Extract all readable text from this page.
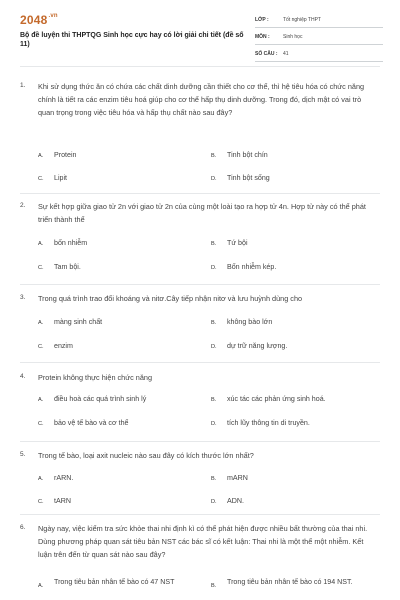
$2048^{.vn}$
Bộ đề luyện thi THPTQG Sinh học cực hay có lời giải chi tiết (đề số 11)
LỚP :	Tốt nghiệp THPT
MÔN :	Sinh học
SỐ CÂU : 41
1. Khi sử dụng thức ăn có chứa các chất dinh dưỡng cần thiết cho cơ thể, thì hệ tiêu hóa có chức năng chính là tiết ra các enzim tiêu hoá giúp cho cơ thể hấp thụ dinh dưỡng. Trong đó, dịch mật có vai trò quan trọng trong việc tiêu hóa và hấp thụ chất nào sau đây?
A. Protein	B. Tinh bột chín
C. Lipit	D. Tinh bột sống
2. Sự kết hợp giữa giao tử 2n với giao tử 2n của cùng một loài tạo ra hợp tử 4n. Hợp tử này có thể phát triển thành thể
A. bốn nhiễm	B. Tứ bội
C. Tam bội.	D. Bốn nhiễm kép.
3. Trong quá trình trao đổi khoáng và nitơ.Cây tiếp nhận nitơ và lưu huỳnh dùng cho
A. màng sinh chất	B. không bào lớn
C. enzim	D. dự trữ năng lượng.
4. Protein không thực hiện chức năng
A. điều hoà các quá trình sinh lý	B. xúc tác các phản ứng sinh hoá.
C. bảo vệ tế bào và cơ thể	D. tích lũy thông tin di truyền.
5. Trong tế bào, loại axit nucleic nào sau đây có kích thước lớn nhất?
A. rARN.	B. mARN
C. tARN	D. ADN.
6. Ngày nay, việc kiểm tra sức khỏe thai nhi định kì có thể phát hiện được nhiều bất thường của thai nhi. Dùng phương pháp quan sát tiêu bản NST các bác sĩ có kết luận: Thai nhi là một thể một nhiễm. Kết luận trên đến từ quan sát nào sau đây?
A.	Trong tiêu bản nhân tế bào có 47 NST	B.	Trong tiêu bản nhân tế bào có 194 NST.
